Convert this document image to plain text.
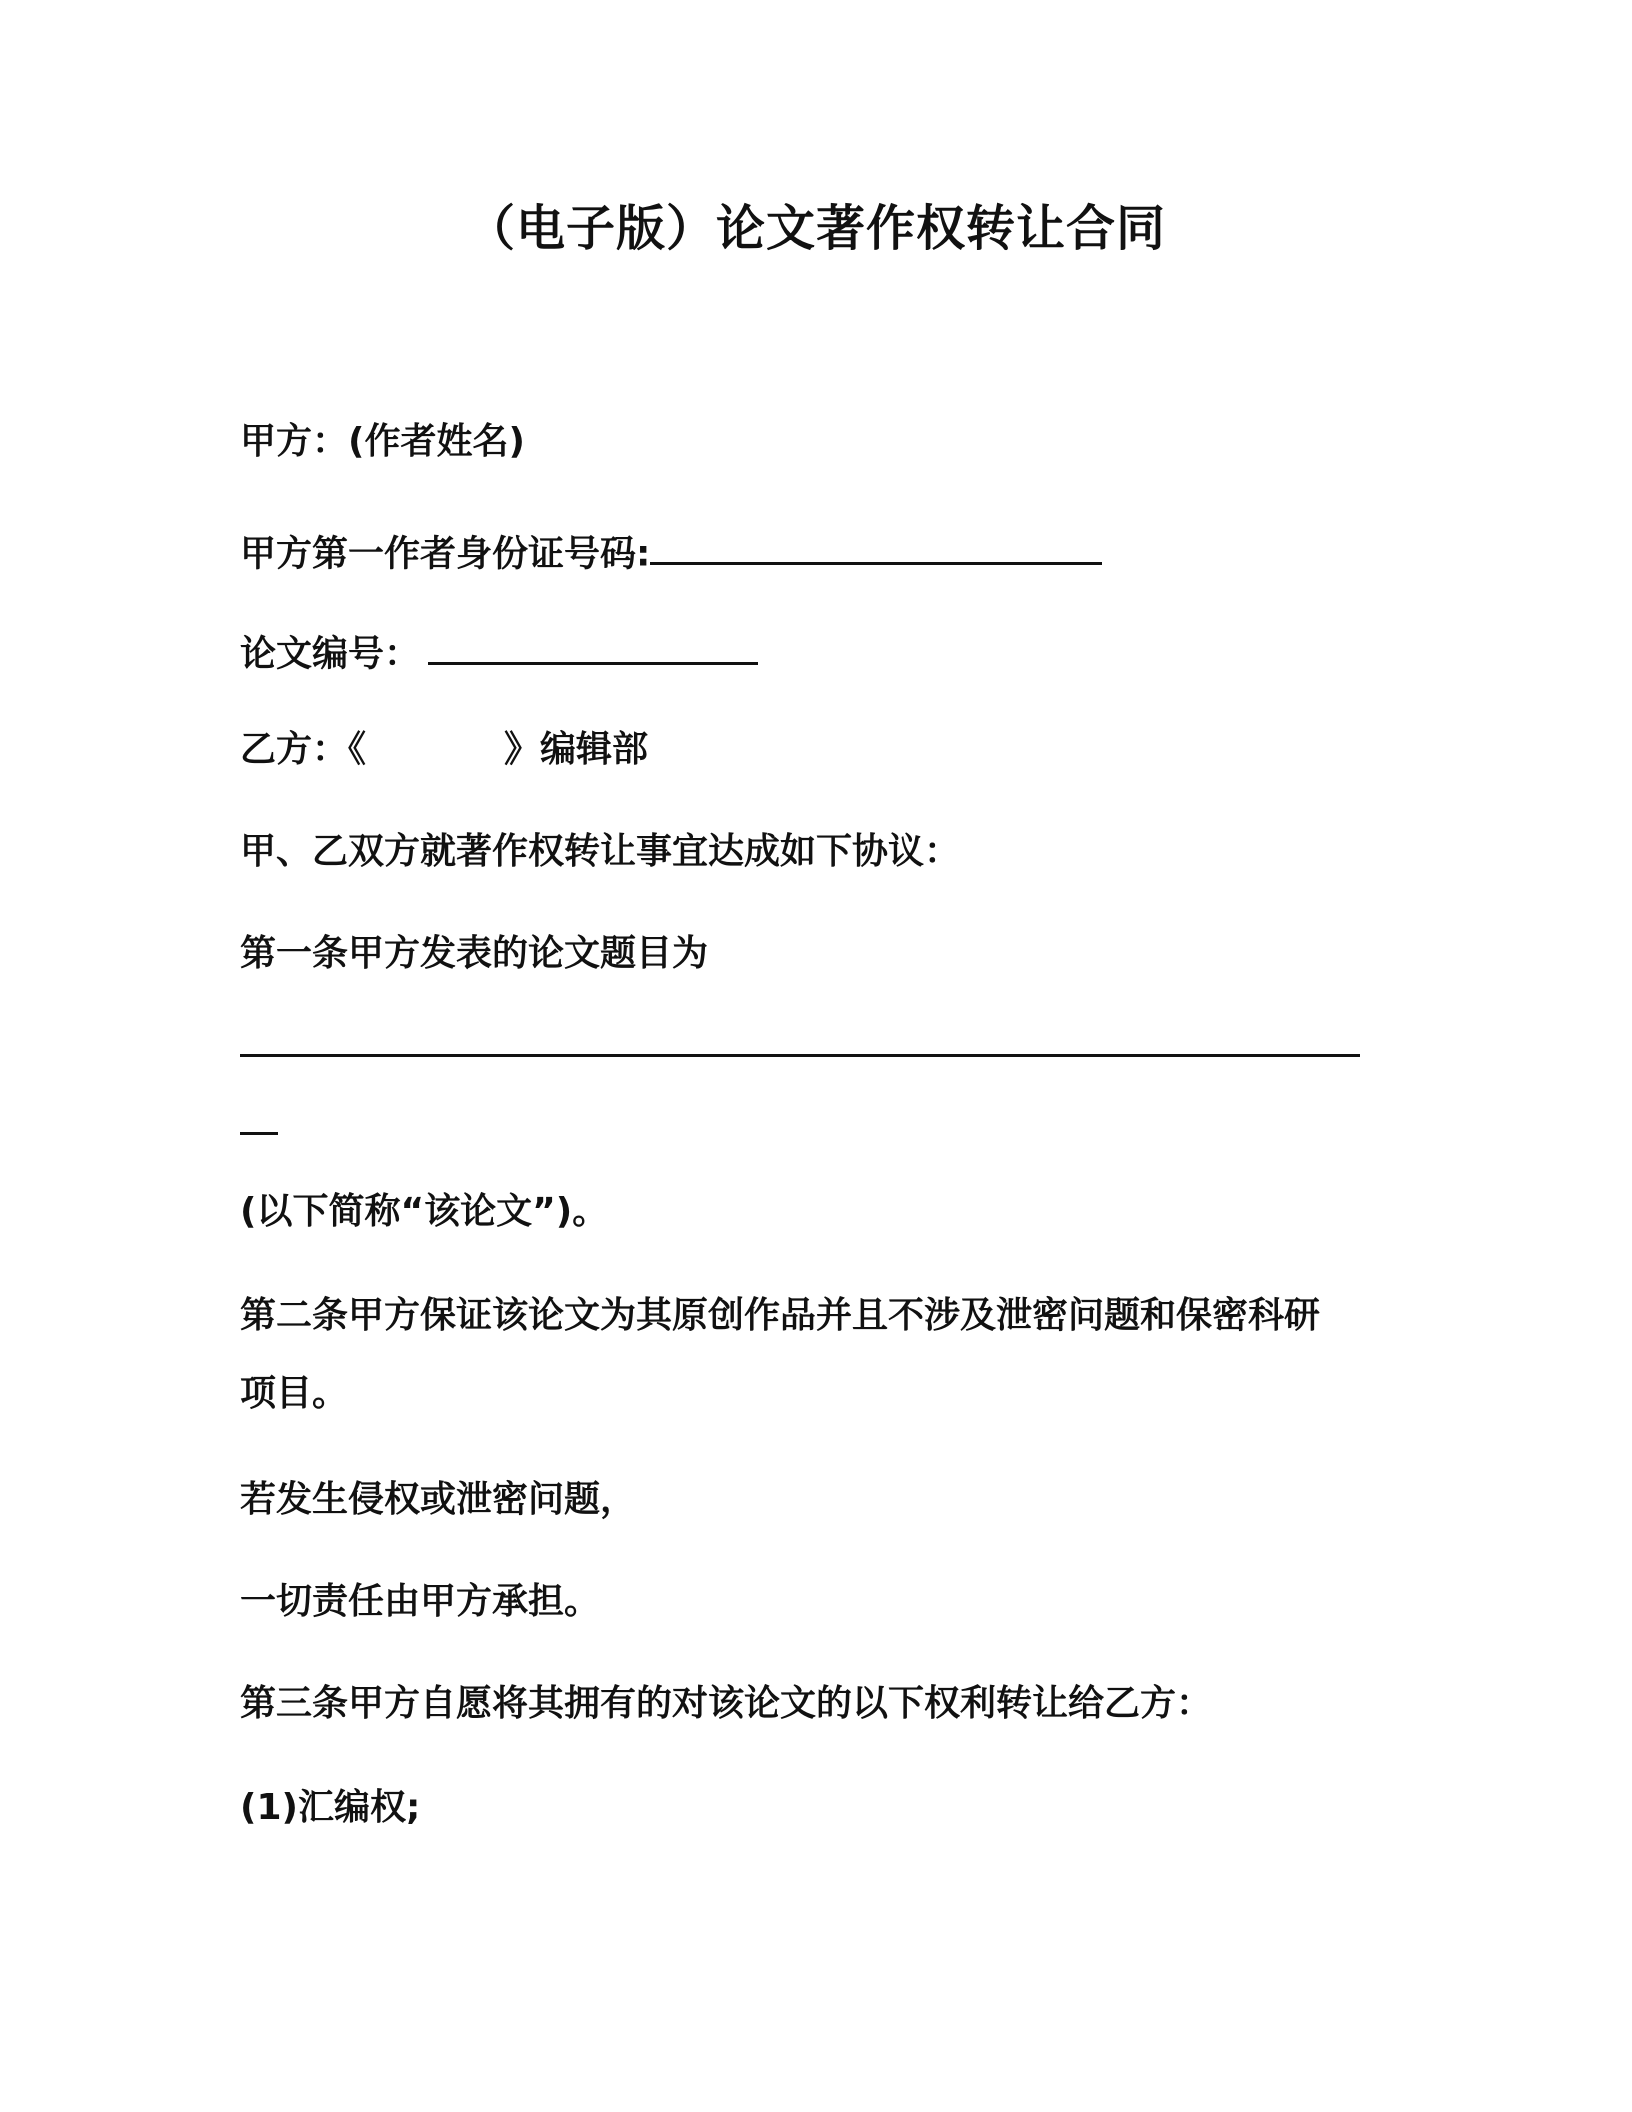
（电子版）论文著作权转让合同
甲方：(作者姓名)
甲方第一作者身份证号码:
论文编号：
乙方：《	》编辑部
甲、乙双方就著作权转让事宜达成如下协议：
第一条甲方发表的论文题目为
(以下简称“该论文”)。
第二条甲方保证该论文为其原创作品并且不涉及泄密问题和保密科研
项目。
若发生侵权或泄密问题，
一切责任由甲方承担。
第三条甲方自愿将其拥有的对该论文的以下权利转让给乙方：
(1)汇编权;
